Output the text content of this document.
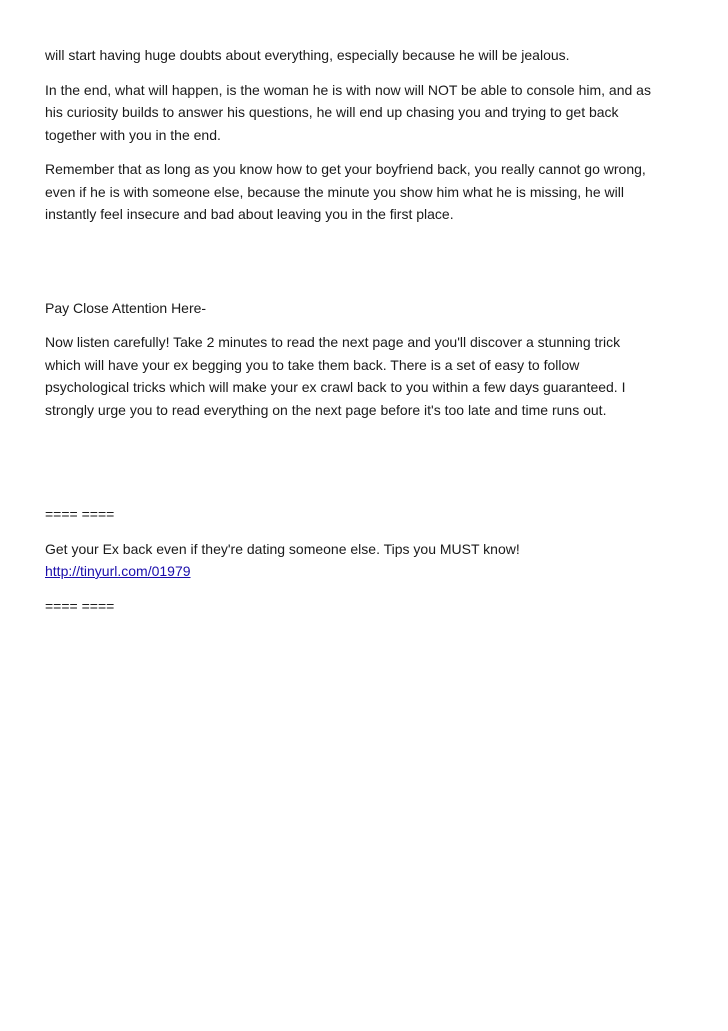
will start having huge doubts about everything, especially because he will be jealous.

In the end, what will happen, is the woman he is with now will NOT be able to console him, and as
his curiosity builds to answer his questions, he will end up chasing you and trying to get back
together with you in the end.

Remember that as long as you know how to get your boyfriend back, you really cannot go wrong,
even if he is with someone else, because the minute you show him what he is missing, he will
instantly feel insecure and bad about leaving you in the first place.

Pay Close Attention Here-

Now listen carefully! Take 2 minutes to read the next page and you'll discover a stunning trick
which will have your ex begging you to take them back. There is a set of easy to follow
psychological tricks which will make your ex crawl back to you within a few days guaranteed. I
strongly urge you to read everything on the next page before it's too late and time runs out.

==== ====

Get your Ex back even if they're dating someone else. Tips you MUST know!
http://tinyurl.com/01979

==== ====
